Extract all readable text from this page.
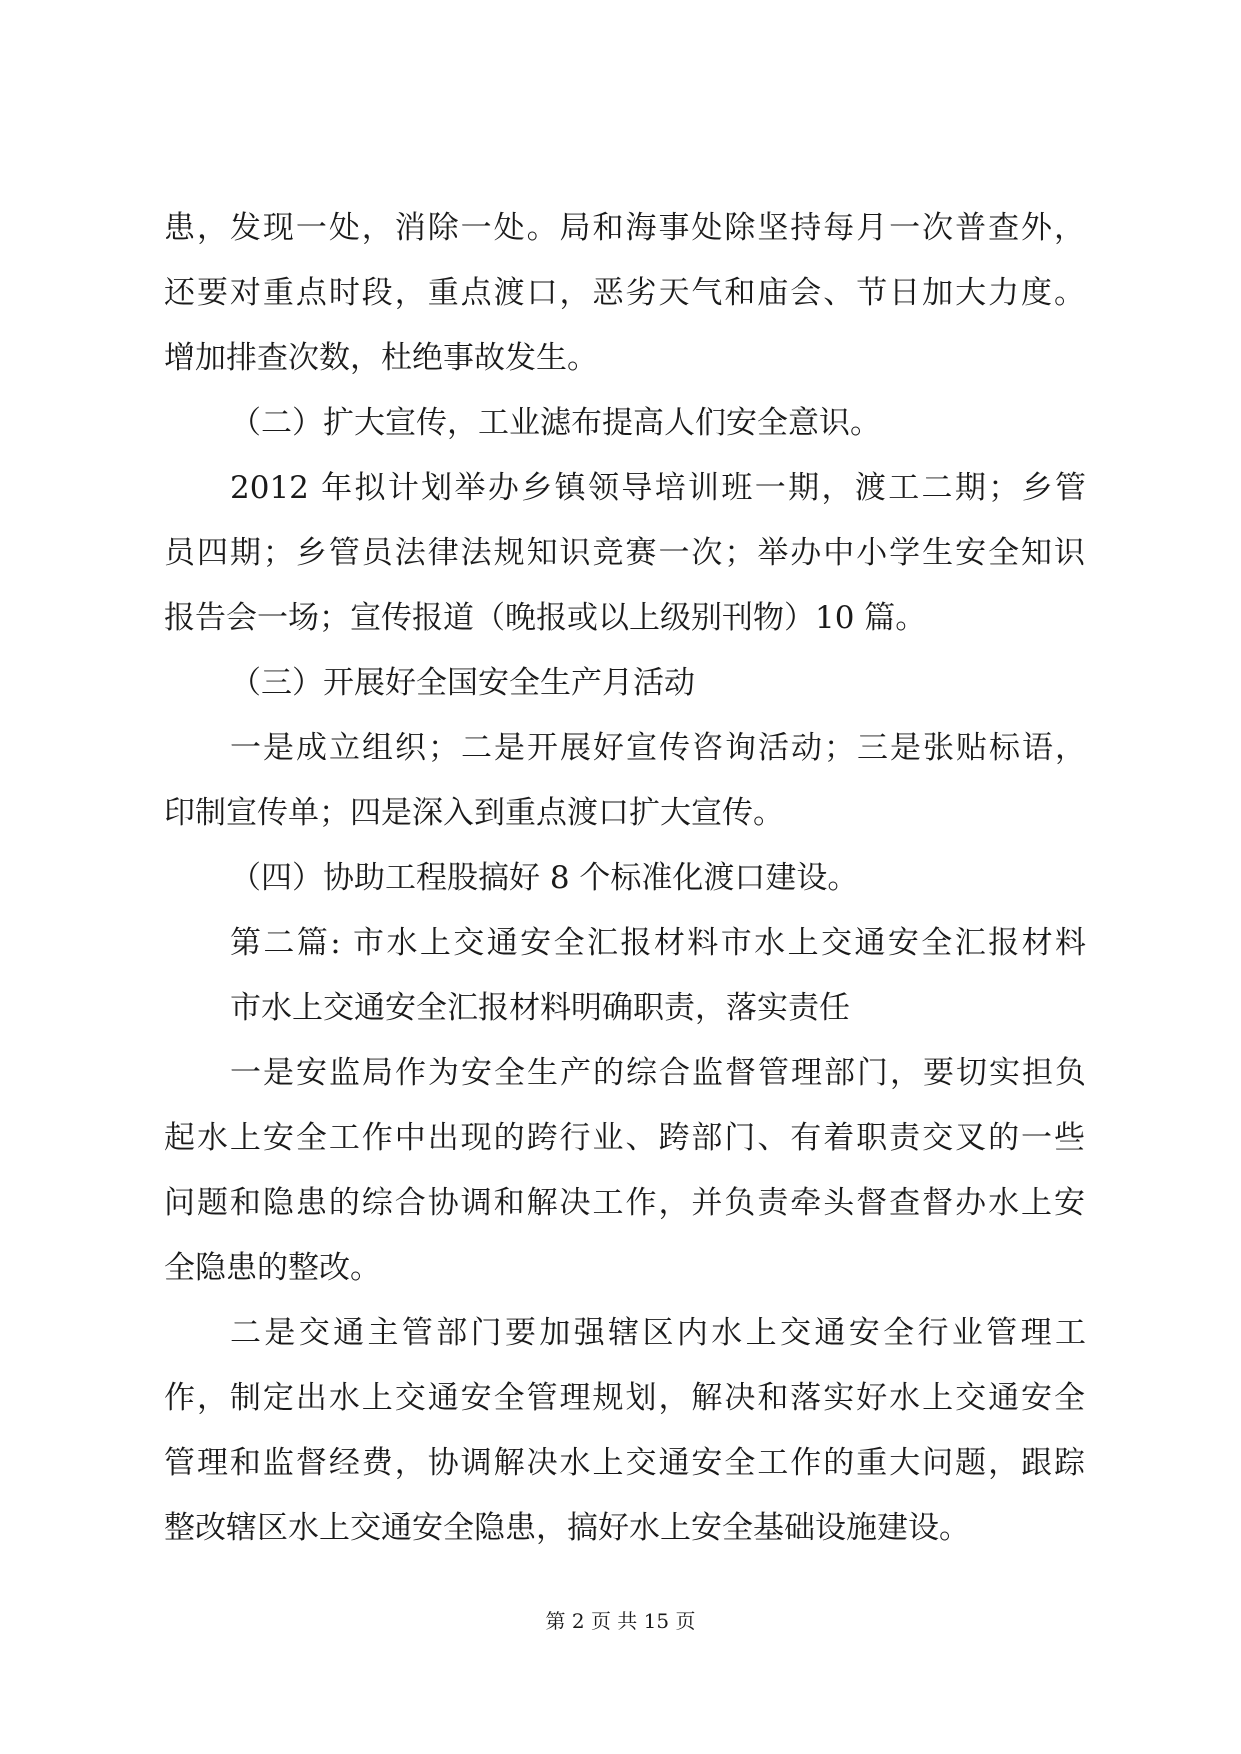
患，发现一处，消除一处。局和海事处除坚持每月一次普查外，

还要对重点时段，重点渡口，恶劣天气和庙会、节日加大力度。

增加排查次数，杜绝事故发生。

（二）扩大宣传，工业滤布提高人们安全意识。

2012 年拟计划举办乡镇领导培训班一期，渡工二期；乡管

员四期；乡管员法律法规知识竞赛一次；举办中小学生安全知识

报告会一场；宣传报道（晚报或以上级别刊物）10 篇。

（三）开展好全国安全生产月活动

一是成立组织；二是开展好宣传咨询活动；三是张贴标语，

印制宣传单；四是深入到重点渡口扩大宣传。

（四）协助工程股搞好 8 个标准化渡口建设。

第二篇: 市水上交通安全汇报材料市水上交通安全汇报材料

市水上交通安全汇报材料明确职责，落实责任

一是安监局作为安全生产的综合监督管理部门，要切实担负

起水上安全工作中出现的跨行业、跨部门、有着职责交叉的一些

问题和隐患的综合协调和解决工作，并负责牵头督查督办水上安

全隐患的整改。

二是交通主管部门要加强辖区内水上交通安全行业管理工

作，制定出水上交通安全管理规划，解决和落实好水上交通安全

管理和监督经费，协调解决水上交通安全工作的重大问题，跟踪

整改辖区水上交通安全隐患，搞好水上安全基础设施建设。

第 2 页 共 15 页
